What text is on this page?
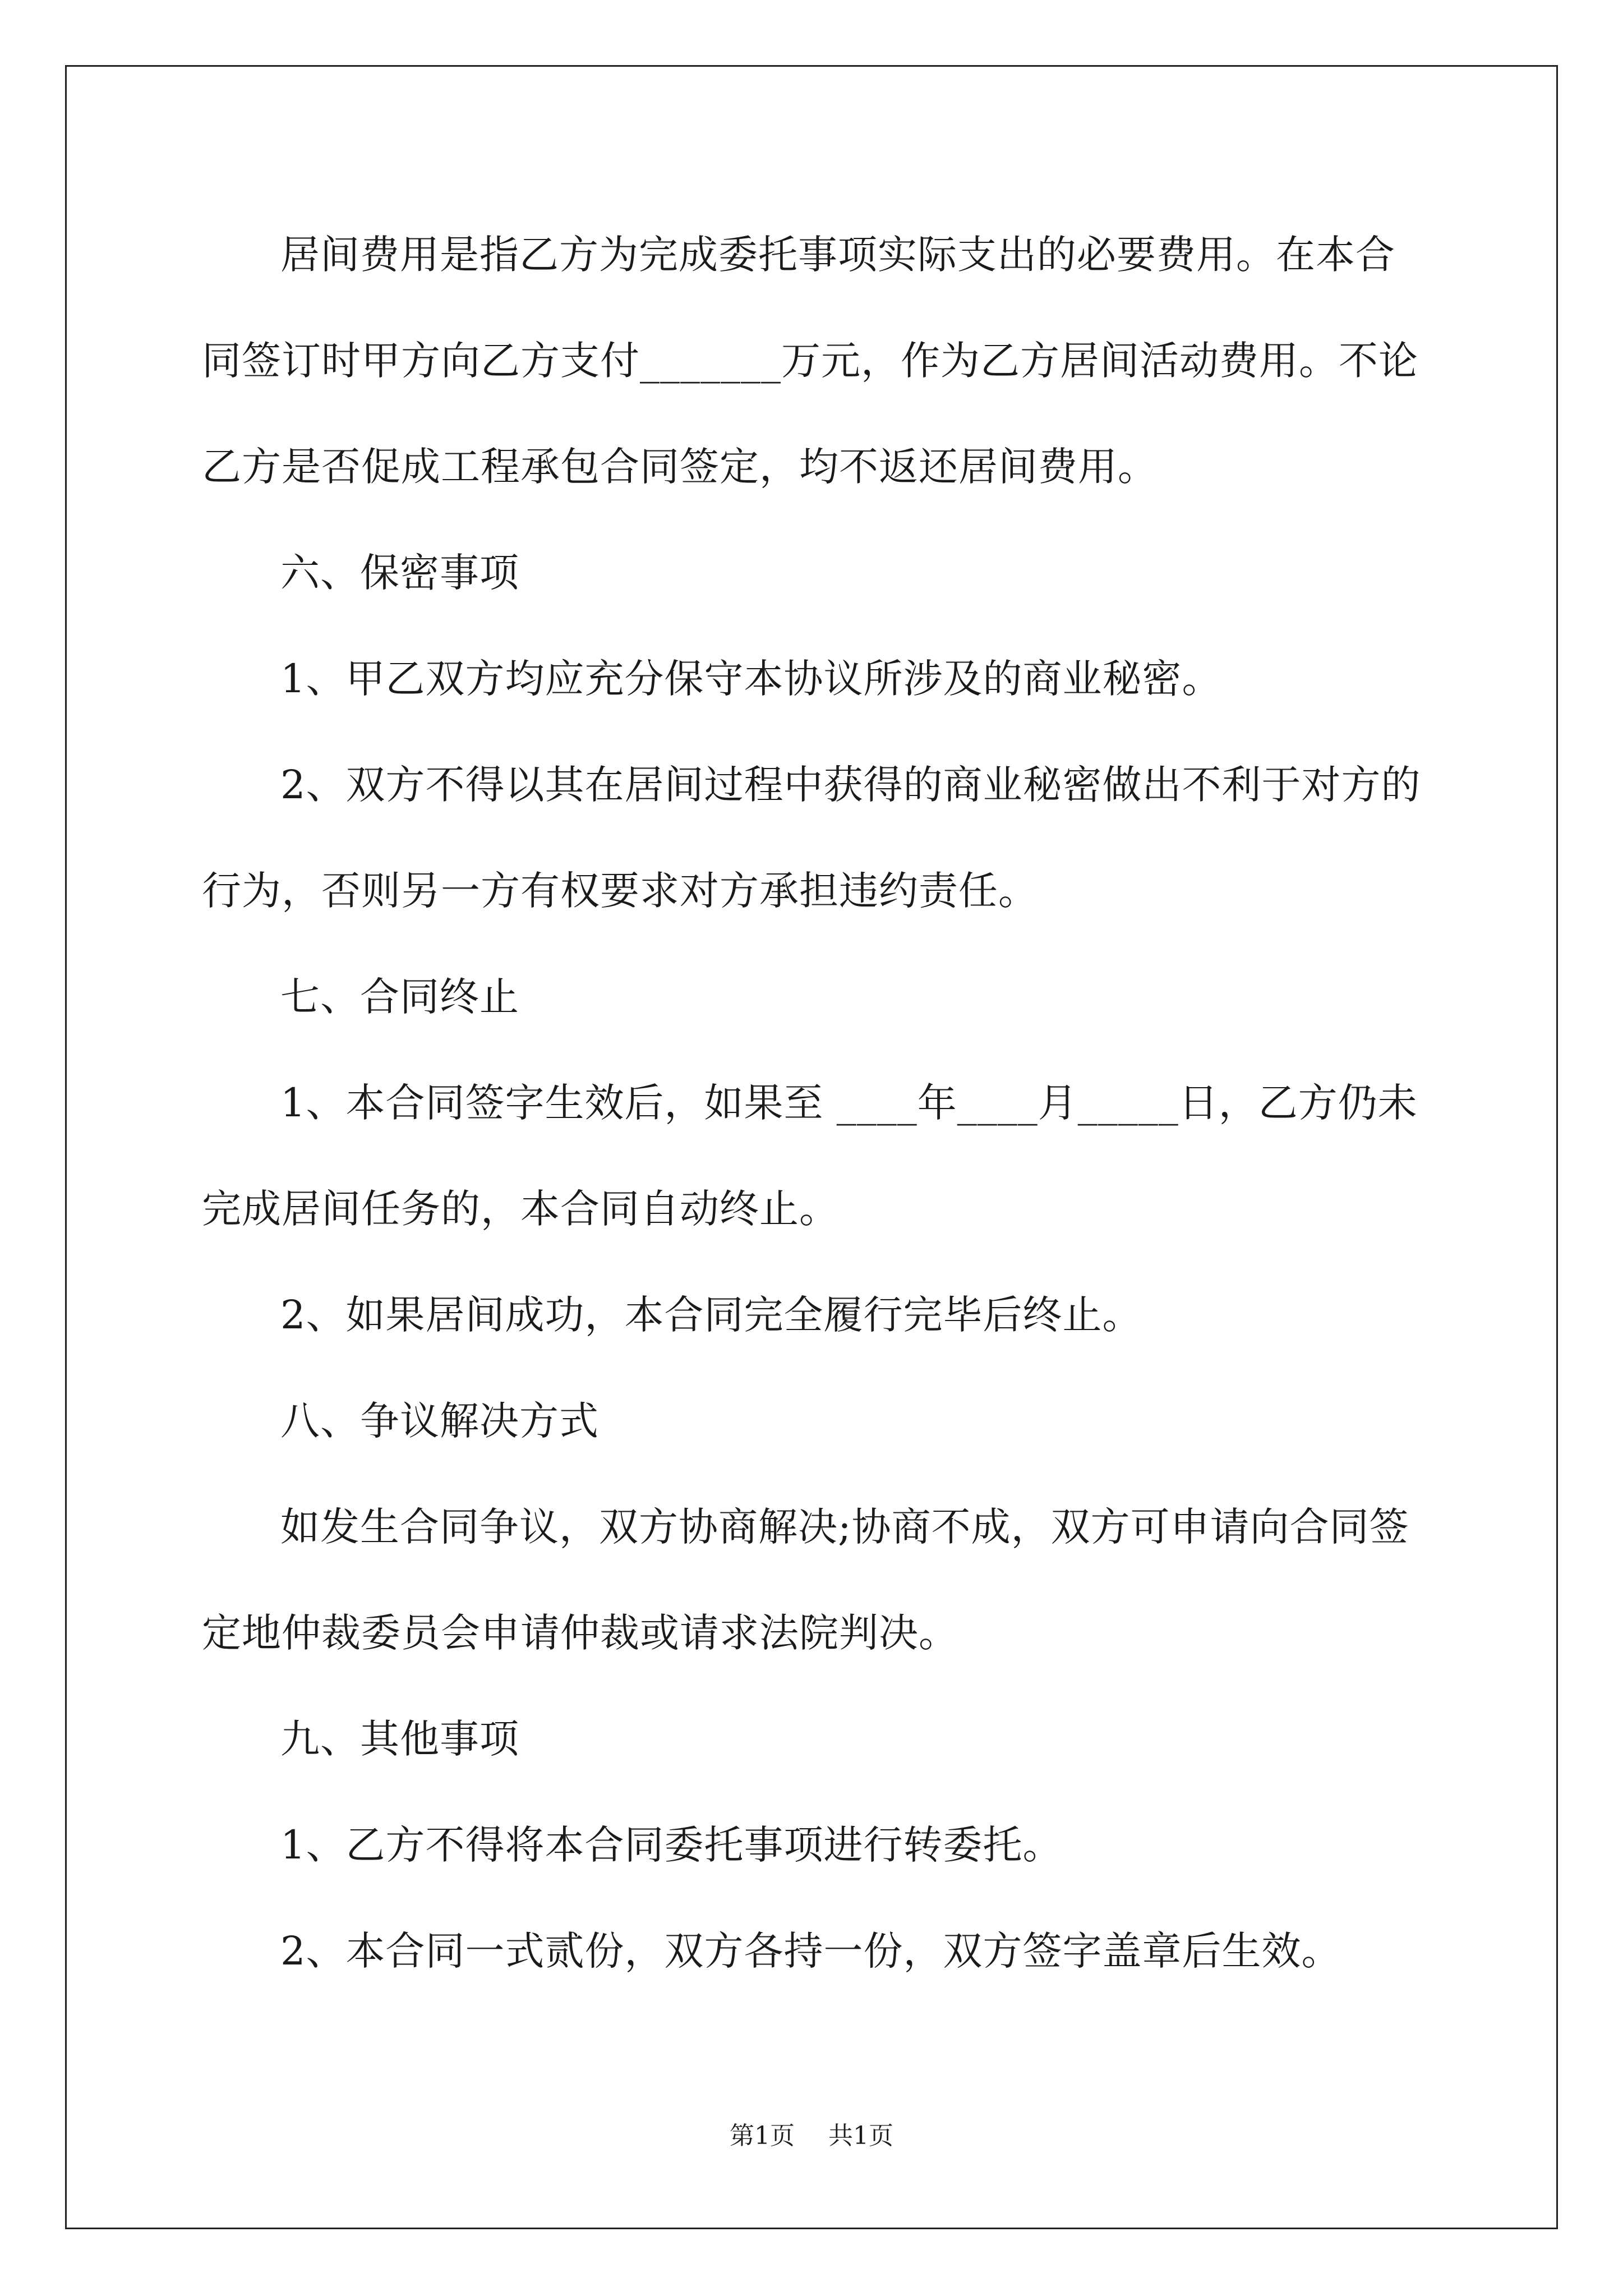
居间费用是指乙方为完成委托事项实际支出的必要费用。在本合

同签订时甲方向乙方支付_______万元，作为乙方居间活动费用。不论

乙方是否促成工程承包合同签定，均不返还居间费用。

六、保密事项

1、甲乙双方均应充分保守本协议所涉及的商业秘密。

2、双方不得以其在居间过程中获得的商业秘密做出不利于对方的

行为，否则另一方有权要求对方承担违约责任。

七、合同终止

1、本合同签字生效后，如果至 ____年____月_____日，乙方仍未

完成居间任务的，本合同自动终止。

2、如果居间成功，本合同完全履行完毕后终止。

八、争议解决方式

如发生合同争议，双方协商解决;协商不成，双方可申请向合同签

定地仲裁委员会申请仲裁或请求法院判决。

九、其他事项

1、乙方不得将本合同委托事项进行转委托。

2、本合同一式贰份，双方各持一份，双方签字盖章后生效。

第1页 共1页
